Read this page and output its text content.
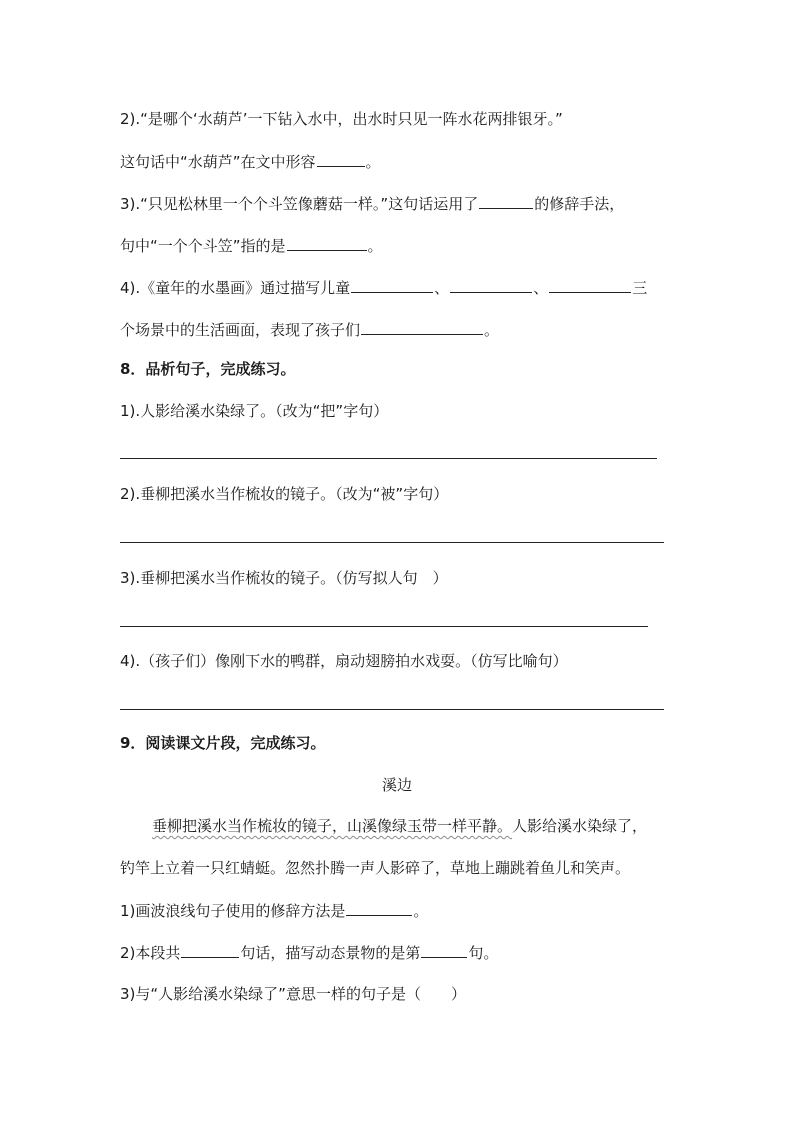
2).“是哪个‘水葫芦’一下钻入水中，出水时只见一阵水花两排银牙。”
这句话中“水葫芦”在文中形容	。
3).“只见松林里一个个斗笠像蘑菇一样。”这句话运用了	的修辞手法，
句中“一个个斗笠”指的是	。
4).《童年的水墨画》通过描写儿童	、	、	三
个场景中的生活画面，表现了孩子们	。
8．品析句子，完成练习。
1).人影给溪水染绿了。（改为“把”字句）
2).垂柳把溪水当作梳妆的镜子。（改为“被”字句）
3).垂柳把溪水当作梳妆的镜子。（仿写拟人句　）
4).（孩子们）像刚下水的鸭群，扇动翅膀拍水戏耍。（仿写比喻句）
9．阅读课文片段，完成练习。
溪边
垂柳把溪水当作梳妆的镜子，山溪像绿玉带一样平静。人影给溪水染绿了，
钓竿上立着一只红蜻蜓。忽然扑腾一声人影碎了，草地上蹦跳着鱼儿和笑声。
1)画波浪线句子使用的修辞方法是	。
2)本段共	句话，描写动态景物的是第	句。
3)与“人影给溪水染绿了”意思一样的句子是（　　）
